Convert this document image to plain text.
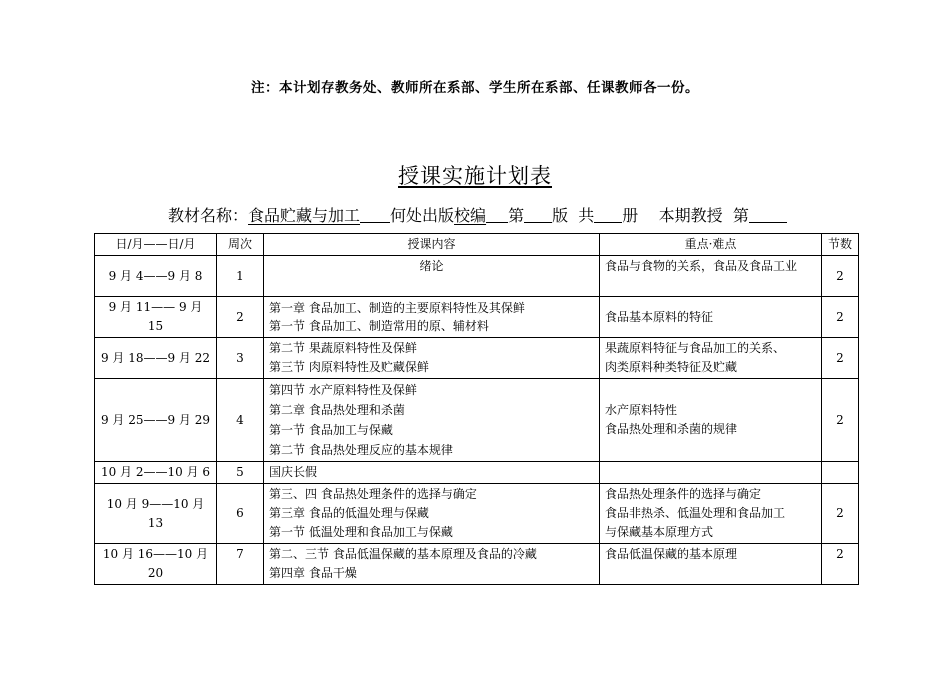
注：本计划存教务处、教师所在系部、学生所在系部、任课教师各一份。
授课实施计划表
教材名称：食品贮藏与加工 何处出版校编 第 版 共 册 本期教授 第
日/月——日/月	周次	授课内容	重点·难点	节数
9 月 4——9 月 8	1	绪论	食品与食物的关系，食品及食品工业	2
9 月 11—— 9 月 15	2	第一章 食品加工、制造的主要原料特性及其保鲜
第一节 食品加工、制造常用的原、辅材料	食品基本原料的特征	2
9 月 18——9 月 22	3	第二节 果蔬原料特性及保鲜
第三节 肉原料特性及贮藏保鲜	果蔬原料特征与食品加工的关系、
肉类原料种类特征及贮藏	2
9 月 25——9 月 29	4	第四节 水产原料特性及保鲜
第二章 食品热处理和杀菌
第一节 食品加工与保藏
第二节 食品热处理反应的基本规律	水产原料特性
食品热处理和杀菌的规律	2
10 月 2——10 月 6	5	国庆长假		

10 月 9——10 月 13	6	第三、四 食品热处理条件的选择与确定
第三章 食品的低温处理与保藏
第一节 低温处理和食品加工与保藏	食品热处理条件的选择与确定
食品非热杀、低温处理和食品加工
与保藏基本原理方式	2
10 月 16——10 月 20	7	第二、三节 食品低温保藏的基本原理及食品的冷藏
第四章 食品干燥	食品低温保藏的基本原理	2
